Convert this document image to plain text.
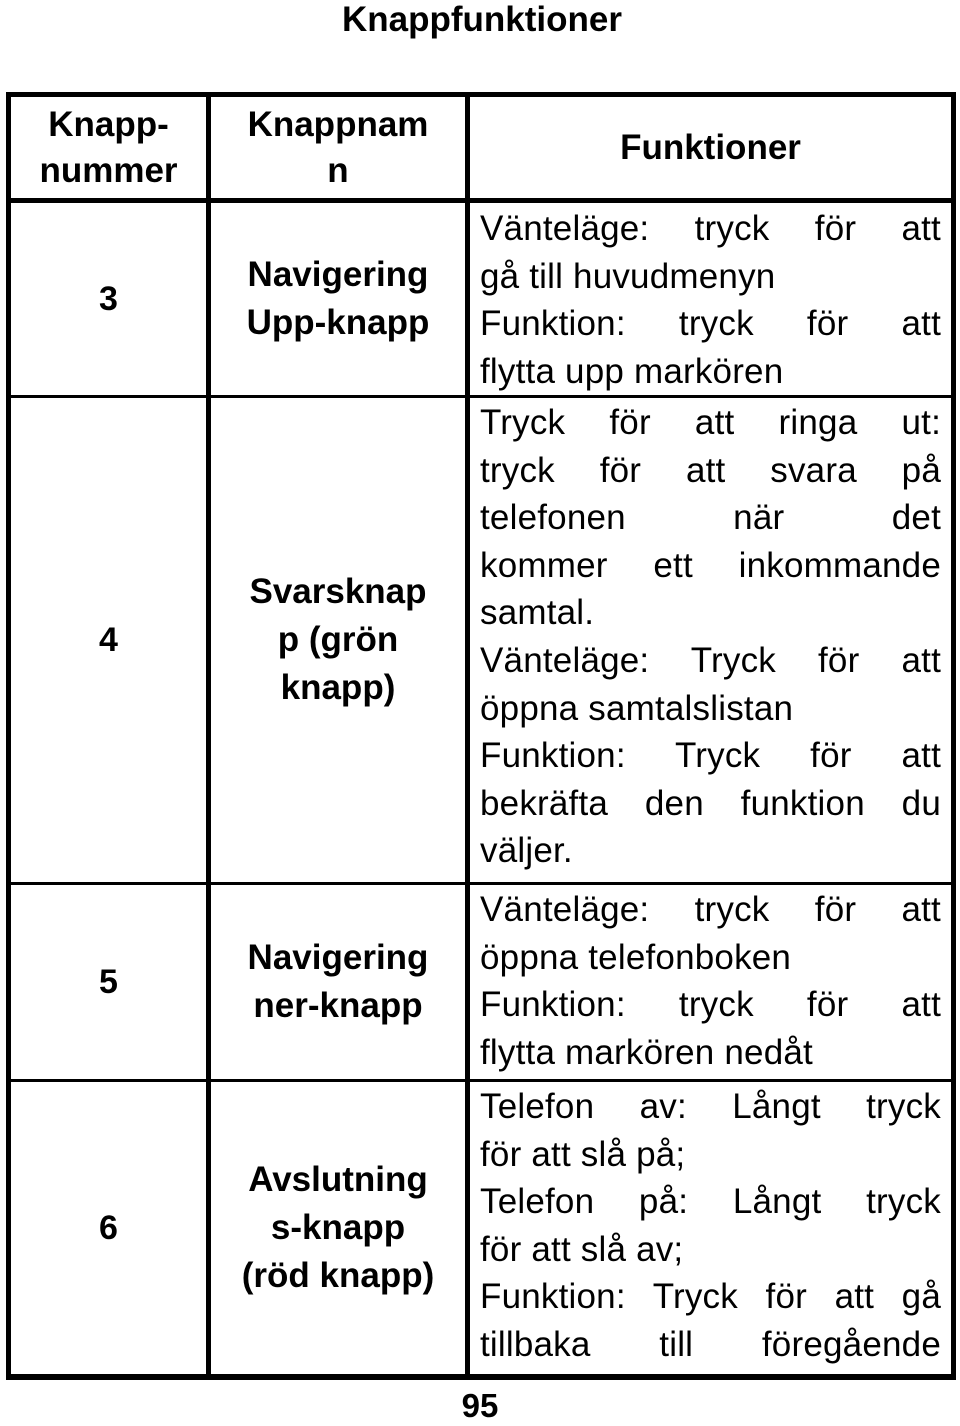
Knappfunktioner
Knapp-
nummer
Knappnam
n
Funktioner
3
Navigering
Upp-knapp
Vänteläge: tryck för att
gå till huvudmenyn
Funktion: tryck för att
flytta upp markören
4
Svarsknap
p (grön
knapp)
Tryck för att ringa ut:
tryck för att svara på
telefonen när det
kommer ett inkommande
samtal.
Vänteläge: Tryck för att
öppna samtalslistan
Funktion: Tryck för att
bekräfta den funktion du
väljer.
5
Navigering
ner-knapp
Vänteläge: tryck för att
öppna telefonboken
Funktion: tryck för att
flytta markören nedåt
6
Avslutning
s-knapp
(röd knapp)
Telefon av: Långt tryck
för att slå på;
Telefon på: Långt tryck
för att slå av;
Funktion: Tryck för att gå
tillbaka till föregående
95
